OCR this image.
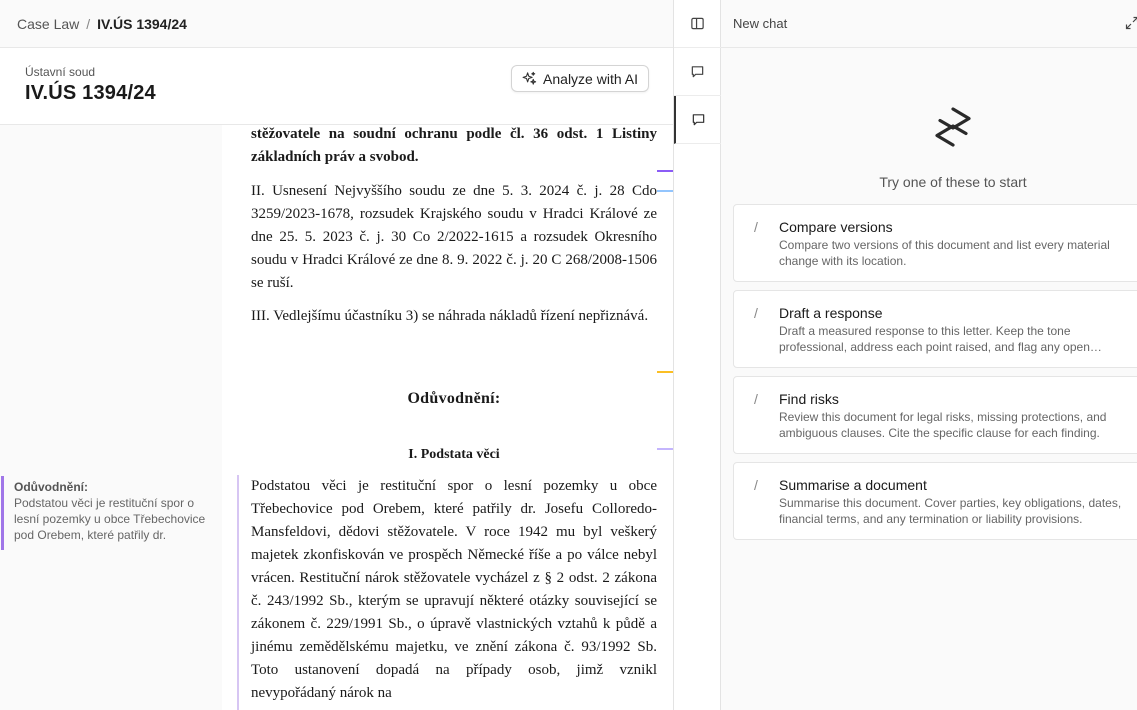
Case Law / IV.ÚS 1394/24
Ústavní soud
IV.ÚS 1394/24
Analyze with AI
stěžovatele na soudní ochranu podle čl. 36 odst. 1 Listiny základních práv a svobod.
II. Usnesení Nejvyššího soudu ze dne 5. 3. 2024 č. j. 28 Cdo 3259/2023-1678, rozsudek Krajského soudu v Hradci Králové ze dne 25. 5. 2023 č. j. 30 Co 2/2022-1615 a rozsudek Okresního soudu v Hradci Králové ze dne 8. 9. 2022 č. j. 20 C 268/2008-1506 se ruší.
III. Vedlejšímu účastníku 3) se náhrada nákladů řízení nepřiznává.
Odůvodnění:
I. Podstata věci
Podstatou věci je restituční spor o lesní pozemky u obce Třebechovice pod Orebem, které patřily dr. Josefu Colloredo-Mansfeldovi, dědovi stěžovatele. V roce 1942 mu byl veškerý majetek zkonfiskován ve prospěch Německé říše a po válce nebyl vrácen. Restituční nárok stěžovatele vycházel z § 2 odst. 2 zákona č. 243/1992 Sb., kterým se upravují některé otázky související se zákonem č. 229/1991 Sb., o úpravě vlastnických vztahů k půdě a jinému zemědělskému majetku, ve znění zákona č. 93/1992 Sb. Toto ustanovení dopadá na případy osob, jimž vznikl nevypořádaný nárok na
Odůvodnění:
Podstatou věci je restituční spor o lesní pozemky u obce Třebechovice pod Orebem, které patřily dr.
New chat
Try one of these to start
/ Compare versions
Compare two versions of this document and list every material change with its location.
/ Draft a response
Draft a measured response to this letter. Keep the tone
professional, address each point raised, and flag any open…
/ Find risks
Review this document for legal risks, missing protections, and ambiguous clauses. Cite the specific clause for each finding.
/ Summarise a document
Summarise this document. Cover parties, key obligations, dates, financial terms, and any termination or liability provisions.
